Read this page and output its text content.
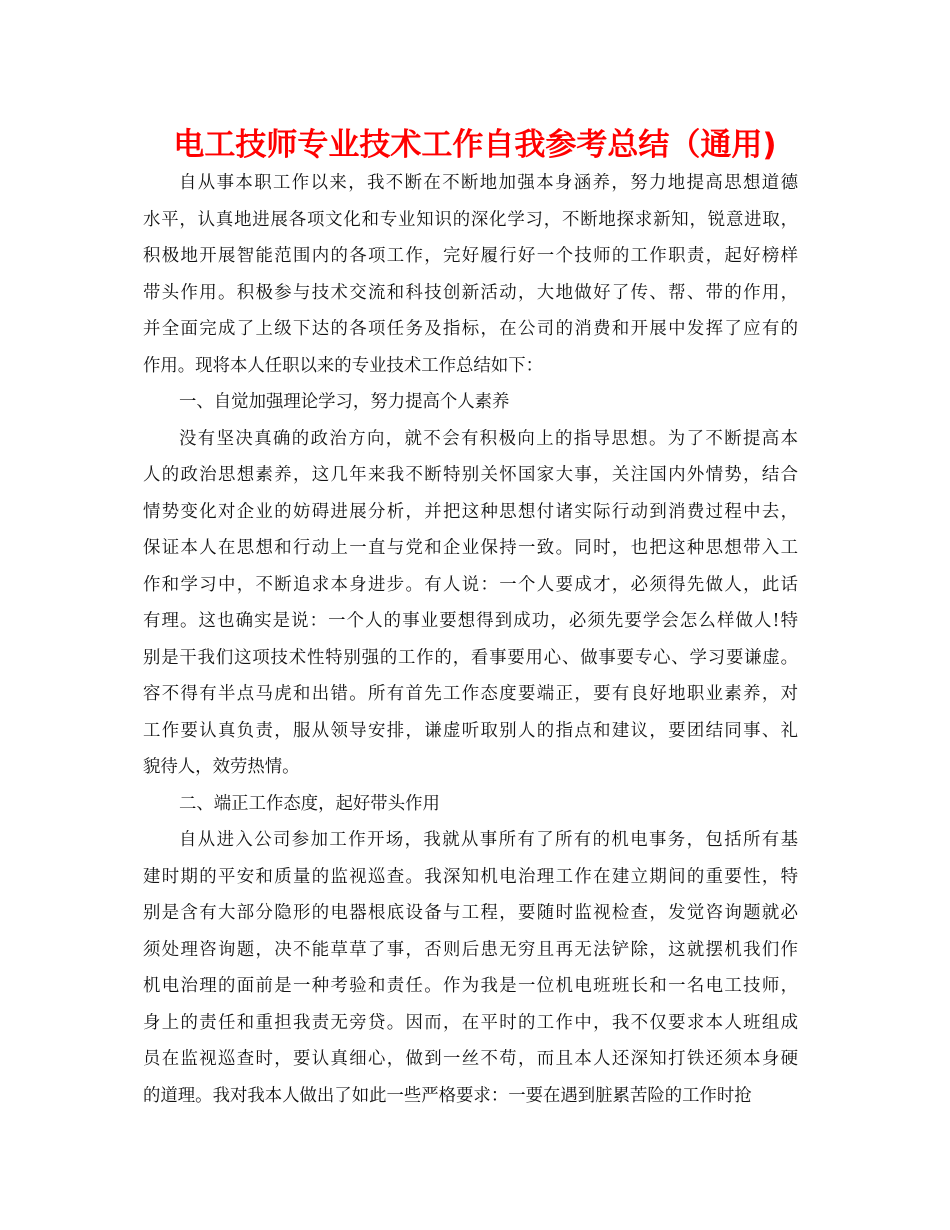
电工技师专业技术工作自我参考总结（通用)
自从事本职工作以来，我不断在不断地加强本身涵养，努力地提高思想道德
水平，认真地进展各项文化和专业知识的深化学习，不断地探求新知，锐意进取，
积极地开展智能范围内的各项工作，完好履行好一个技师的工作职责，起好榜样
带头作用。积极参与技术交流和科技创新活动，大地做好了传、帮、带的作用，
并全面完成了上级下达的各项任务及指标，在公司的消费和开展中发挥了应有的
作用。现将本人任职以来的专业技术工作总结如下：
一、自觉加强理论学习，努力提高个人素养
没有坚决真确的政治方向，就不会有积极向上的指导思想。为了不断提高本
人的政治思想素养，这几年来我不断特别关怀国家大事，关注国内外情势，结合
情势变化对企业的妨碍进展分析，并把这种思想付诸实际行动到消费过程中去，
保证本人在思想和行动上一直与党和企业保持一致。同时，也把这种思想带入工
作和学习中，不断追求本身进步。有人说：一个人要成才，必须得先做人，此话
有理。这也确实是说：一个人的事业要想得到成功，必须先要学会怎么样做人!特
别是干我们这项技术性特别强的工作的，看事要用心、做事要专心、学习要谦虚。
容不得有半点马虎和出错。所有首先工作态度要端正，要有良好地职业素养，对
工作要认真负责，服从领导安排，谦虚听取别人的指点和建议，要团结同事、礼
貌待人，效劳热情。
二、端正工作态度，起好带头作用
自从进入公司参加工作开场，我就从事所有了所有的机电事务，包括所有基
建时期的平安和质量的监视巡查。我深知机电治理工作在建立期间的重要性，特
别是含有大部分隐形的电器根底设备与工程，要随时监视检查，发觉咨询题就必
须处理咨询题，决不能草草了事，否则后患无穷且再无法铲除，这就摆机我们作
机电治理的面前是一种考验和责任。作为我是一位机电班班长和一名电工技师，
身上的责任和重担我责无旁贷。因而，在平时的工作中，我不仅要求本人班组成
员在监视巡查时，要认真细心，做到一丝不苟，而且本人还深知打铁还须本身硬
的道理。我对我本人做出了如此一些严格要求：一要在遇到脏累苦险的工作时抢
